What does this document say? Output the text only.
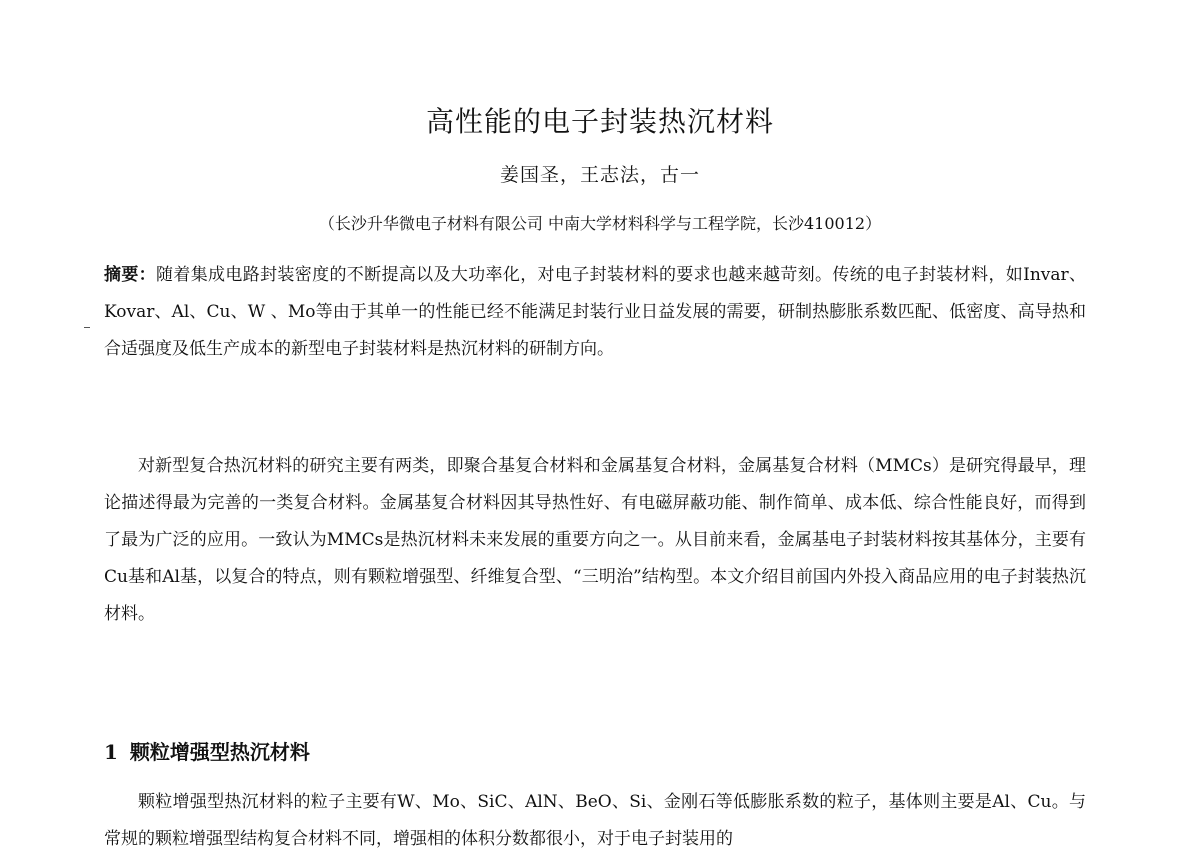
高性能的电子封装热沉材料
姜国圣，王志法，古一
（长沙升华微电子材料有限公司 中南大学材料科学与工程学院，长沙410012）
摘要：随着集成电路封装密度的不断提高以及大功率化，对电子封装材料的要求也越来越苛刻。传统的电子封装材料，如Invar、Kovar、Al、Cu、W 、Mo等由于其单一的性能已经不能满足封装行业日益发展的需要，研制热膨胀系数匹配、低密度、高导热和合适强度及低生产成本的新型电子封装材料是热沉材料的研制方向。
对新型复合热沉材料的研究主要有两类，即聚合基复合材料和金属基复合材料，金属基复合材料（MMCs）是研究得最早，理论描述得最为完善的一类复合材料。金属基复合材料因其导热性好、有电磁屏蔽功能、制作简单、成本低、综合性能良好，而得到了最为广泛的应用。一致认为MMCs是热沉材料未来发展的重要方向之一。从目前来看，金属基电子封装材料按其基体分，主要有Cu基和Al基，以复合的特点，则有颗粒增强型、纤维复合型、“三明治”结构型。本文介绍目前国内外投入商品应用的电子封装热沉材料。
1 颗粒增强型热沉材料
颗粒增强型热沉材料的粒子主要有W、Mo、SiC、AlN、BeO、Si、金刚石等低膨胀系数的粒子，基体则主要是Al、Cu。与常规的颗粒增强型结构复合材料不同，增强相的体积分数都很小，对于电子封装用的
